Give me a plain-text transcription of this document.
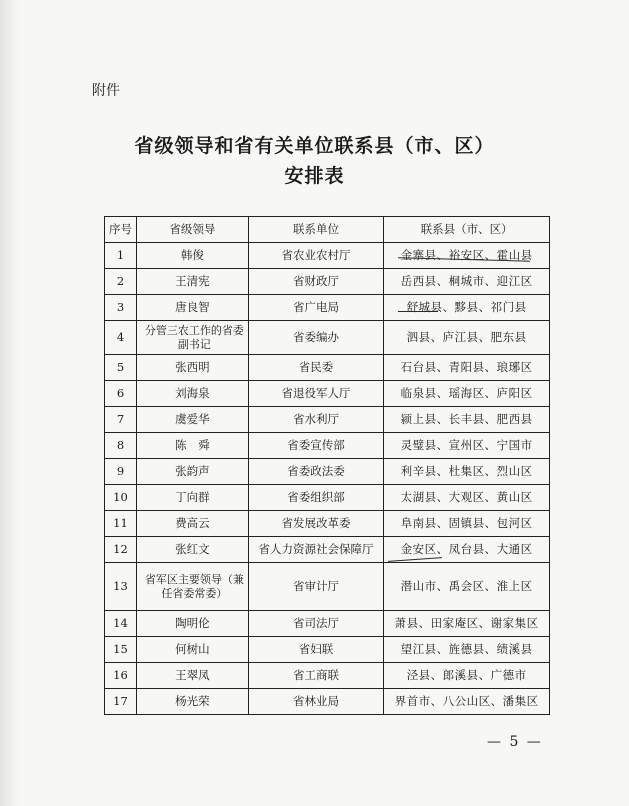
附件
省级领导和省有关单位联系县（市、区）
安排表
序号	省级领导	联系单位	联系县（市、区）
1	韩俊	省农业农村厅	金寨县、裕安区、霍山县
2	王清宪	省财政厅	岳西县、桐城市、迎江区
3	唐良智	省广电局	舒城县、黟县、祁门县
4	分管三农工作的省委副书记	省委编办	泗县、庐江县、肥东县
5	张西明	省民委	石台县、青阳县、琅琊区
6	刘海泉	省退役军人厅	临泉县、瑶海区、庐阳区
7	虞爱华	省水利厅	颍上县、长丰县、肥西县
8	陈　舜	省委宣传部	灵璧县、宣州区、宁国市
9	张韵声	省委政法委	利辛县、杜集区、烈山区
10	丁向群	省委组织部	太湖县、大观区、黄山区
11	费高云	省发展改革委	阜南县、固镇县、包河区
12	张红文	省人力资源社会保障厅	金安区、凤台县、大通区
13	省军区主要领导（兼任省委常委）	省审计厅	潜山市、禹会区、淮上区
14	陶明伦	省司法厅	萧县、田家庵区、谢家集区
15	何树山	省妇联	望江县、旌德县、绩溪县
16	王翠凤	省工商联	泾县、郎溪县、广德市
17	杨光荣	省林业局	界首市、八公山区、潘集区
— 5 —
